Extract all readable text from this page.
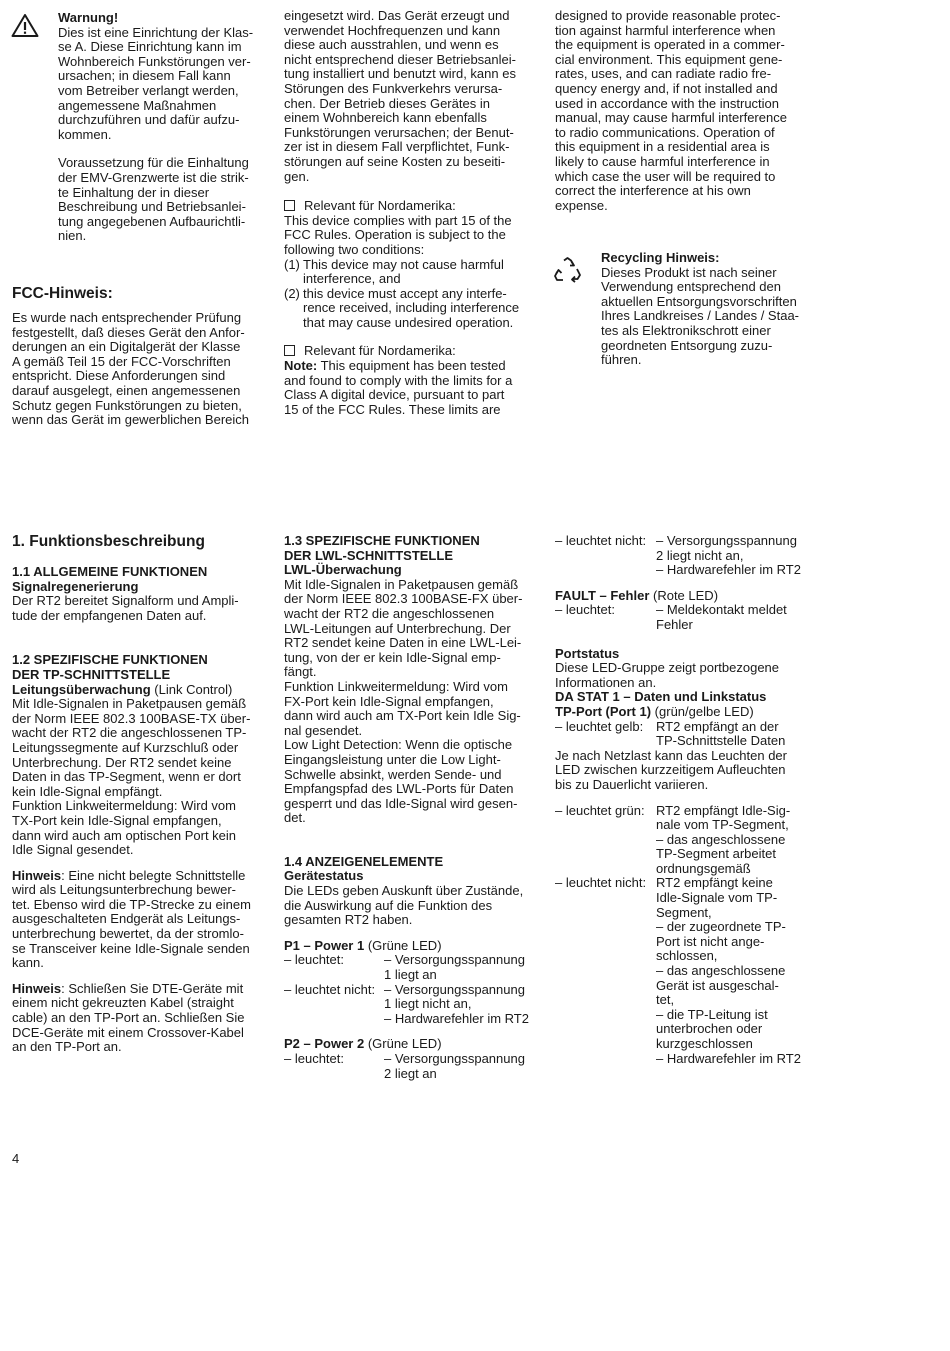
Warnung!
Dies ist eine Einrichtung der Klas-
se A. Diese Einrichtung kann im
Wohnbereich Funkstörungen ver-
ursachen; in diesem Fall kann
vom Betreiber verlangt werden,
angemessene Maßnahmen
durchzuführen und dafür aufzu-
kommen.
Voraussetzung für die Einhaltung
der EMV-Grenzwerte ist die strik-
te Einhaltung der in dieser
Beschreibung und Betriebsanlei-
tung angegebenen Aufbaurichtli-
nien.
FCC-Hinweis:
Es wurde nach entsprechender Prüfung
festgestellt, daß dieses Gerät den Anfor-
derungen an ein Digitalgerät der Klasse
A gemäß Teil 15 der FCC-Vorschriften
entspricht. Diese Anforderungen sind
darauf ausgelegt, einen angemessenen
Schutz gegen Funkstörungen zu bieten,
wenn das Gerät im gewerblichen Bereich
eingesetzt wird. Das Gerät erzeugt und
verwendet Hochfrequenzen und kann
diese auch ausstrahlen, und wenn es
nicht entsprechend dieser Betriebsanlei-
tung installiert und benutzt wird, kann es
Störungen des Funkverkehrs verursa-
chen. Der Betrieb dieses Gerätes in
einem Wohnbereich kann ebenfalls
Funkstörungen verursachen; der Benut-
zer ist in diesem Fall verpflichtet, Funk-
störungen auf seine Kosten zu beseiti-
gen.
Relevant für Nordamerika:
This device complies with part 15 of the
FCC Rules. Operation is subject to the
following two conditions:
(1) This device may not cause harmful
interference, and
(2) this device must accept any interfe-
rence received, including interference
that may cause undesired operation.
Relevant für Nordamerika:
Note: This equipment has been tested
and found to comply with the limits for a
Class A digital device, pursuant to part
15 of the FCC Rules. These limits are
designed to provide reasonable protec-
tion against harmful interference when
the equipment is operated in a commer-
cial environment. This equipment gene-
rates, uses, and can radiate radio fre-
quency energy and, if not installed and
used in accordance with the instruction
manual, may cause harmful interference
to radio communications. Operation of
this equipment in a residential area is
likely to cause harmful interference in
which case the user will be required to
correct the interference at his own
expense.
Recycling Hinweis:
Dieses Produkt ist nach seiner
Verwendung entsprechend den
aktuellen Entsorgungsvorschriften
Ihres Landkreises / Landes / Staa-
tes als Elektronikschrott einer
geordneten Entsorgung zuzu-
führen.
1. Funktionsbeschreibung
1.1 ALLGEMEINE FUNKTIONEN
Signalregenerierung
Der RT2 bereitet Signalform und Ampli-
tude der empfangenen Daten auf.
1.2 SPEZIFISCHE FUNKTIONEN
DER TP-SCHNITTSTELLE
Leitungsüberwachung (Link Control)
Mit Idle-Signalen in Paketpausen gemäß
der Norm IEEE 802.3 100BASE-TX über-
wacht der RT2 die angeschlossenen TP-
Leitungssegmente auf Kurzschluß oder
Unterbrechung. Der RT2 sendet keine
Daten in das TP-Segment, wenn er dort
kein Idle-Signal empfängt.
Funktion Linkweitermeldung: Wird vom
TX-Port kein Idle-Signal empfangen,
dann wird auch am optischen Port kein
Idle Signal gesendet.
Hinweis: Eine nicht belegte Schnittstelle
wird als Leitungsunterbrechung bewer-
tet. Ebenso wird die TP-Strecke zu einem
ausgeschalteten Endgerät als Leitungs-
unterbrechung bewertet, da der stromlo-
se Transceiver keine Idle-Signale senden
kann.
Hinweis: Schließen Sie DTE-Geräte mit
einem nicht gekreuzten Kabel (straight
cable) an den TP-Port an. Schließen Sie
DCE-Geräte mit einem Crossover-Kabel
an den TP-Port an.
1.3 SPEZIFISCHE FUNKTIONEN
DER LWL-SCHNITTSTELLE
LWL-Überwachung
Mit Idle-Signalen in Paketpausen gemäß
der Norm IEEE 802.3 100BASE-FX über-
wacht der RT2 die angeschlossenen
LWL-Leitungen auf Unterbrechung. Der
RT2 sendet keine Daten in eine LWL-Lei-
tung, von der er kein Idle-Signal emp-
fängt.
Funktion Linkweitermeldung: Wird vom
FX-Port kein Idle-Signal empfangen,
dann wird auch am TX-Port kein Idle Sig-
nal gesendet.
Low Light Detection: Wenn die optische
Eingangsleistung unter die Low Light-
Schwelle absinkt, werden Sende- und
Empfangspfad des LWL-Ports für Daten
gesperrt und das Idle-Signal wird gesen-
det.
1.4 ANZEIGENELEMENTE
Gerätestatus
Die LEDs geben Auskunft über Zustände,
die Auswirkung auf die Funktion des
gesamten RT2 haben.
P1 – Power 1 (Grüne LED)
– leuchtet:	– Versorgungsspannung
1 liegt an
– leuchtet nicht: – Versorgungsspannung
1 liegt nicht an,
– Hardwarefehler im RT2
P2 – Power 2 (Grüne LED)
– leuchtet:	– Versorgungsspannung
2 liegt an
– leuchtet nicht: – Versorgungsspannung
2 liegt nicht an,
– Hardwarefehler im RT2
FAULT – Fehler (Rote LED)
– leuchtet:	– Meldekontakt meldet
Fehler
Portstatus
Diese LED-Gruppe zeigt portbezogene
Informationen an.
DA STAT 1 – Daten und Linkstatus
TP-Port (Port 1) (grün/gelbe LED)
– leuchtet gelb: RT2 empfängt an der
TP-Schnittstelle Daten
Je nach Netzlast kann das Leuchten der
LED zwischen kurzzeitigem Aufleuchten
bis zu Dauerlicht variieren.
– leuchtet grün: RT2 empfängt Idle-Sig-
nale vom TP-Segment,
– das angeschlossene
TP-Segment arbeitet
ordnungsgemäß
– leuchtet nicht: RT2 empfängt keine
Idle-Signale vom TP-
Segment,
– der zugeordnete TP-
Port ist nicht ange-
schlossen,
– das angeschlossene
Gerät ist ausgeschal-
tet,
– die TP-Leitung ist
unterbrochen oder
kurzgeschlossen
– Hardwarefehler im RT2
4
